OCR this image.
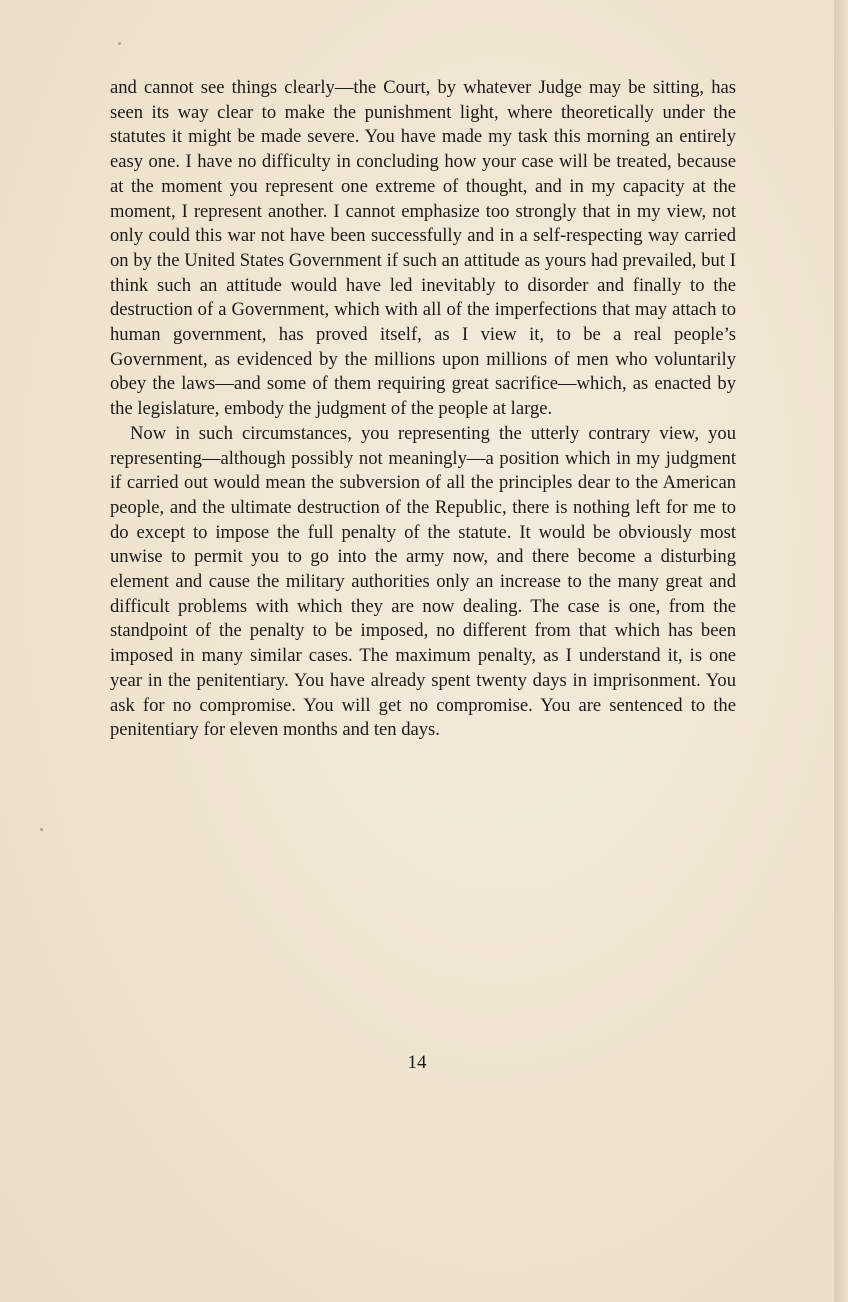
and cannot see things clearly—the Court, by whatever Judge may be sitting, has seen its way clear to make the punishment light, where theoretically under the statutes it might be made severe. You have made my task this morning an entirely easy one. I have no difficulty in concluding how your case will be treated, because at the moment you represent one extreme of thought, and in my capacity at the moment, I represent another. I cannot emphasize too strongly that in my view, not only could this war not have been successfully and in a self-respecting way carried on by the United States Government if such an attitude as yours had prevailed, but I think such an attitude would have led inevitably to disorder and finally to the destruction of a Government, which with all of the imperfections that may attach to human government, has proved itself, as I view it, to be a real people’s Government, as evidenced by the millions upon millions of men who voluntarily obey the laws—and some of them requiring great sacrifice—which, as enacted by the legislature, embody the judgment of the people at large.

Now in such circumstances, you representing the utterly contrary view, you representing—although possibly not meaningly—a position which in my judgment if carried out would mean the subversion of all the principles dear to the American people, and the ultimate destruction of the Republic, there is nothing left for me to do except to impose the full penalty of the statute. It would be obviously most unwise to permit you to go into the army now, and there become a disturbing element and cause the military authorities only an increase to the many great and difficult problems with which they are now dealing. The case is one, from the standpoint of the penalty to be imposed, no different from that which has been imposed in many similar cases. The maximum penalty, as I understand it, is one year in the penitentiary. You have already spent twenty days in imprisonment. You ask for no compromise. You will get no compromise. You are sentenced to the penitentiary for eleven months and ten days.

14
